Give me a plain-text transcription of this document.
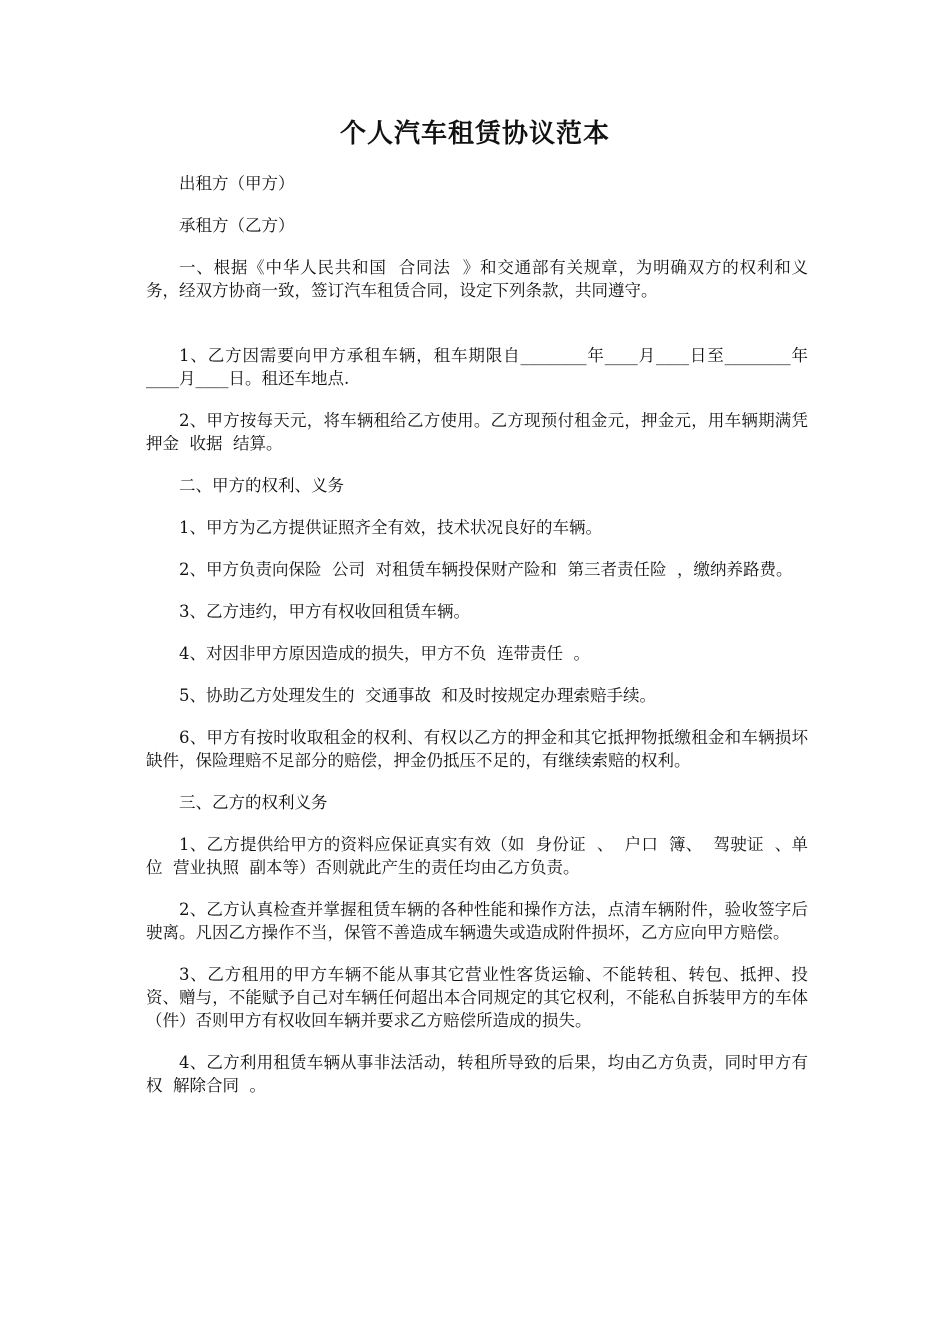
个人汽车租赁协议范本

出租方（甲方）

承租方（乙方）

一、根据《中华人民共和国  合同法  》和交通部有关规章，为明确双方的权利和义务，经双方协商一致，签订汽车租赁合同，设定下列条款，共同遵守。

1、乙方因需要向甲方承租车辆，租车期限自________年____月____日至________年____月____日。租还车地点.

2、甲方按每天元，将车辆租给乙方使用。乙方现预付租金元，押金元，用车辆期满凭押金  收据  结算。

二、甲方的权利、义务

1、甲方为乙方提供证照齐全有效，技术状况良好的车辆。

2、甲方负责向保险  公司  对租赁车辆投保财产险和  第三者责任险  ，缴纳养路费。

3、乙方违约，甲方有权收回租赁车辆。

4、对因非甲方原因造成的损失，甲方不负  连带责任  。

5、协助乙方处理发生的  交通事故  和及时按规定办理索赔手续。

6、甲方有按时收取租金的权利、有权以乙方的押金和其它抵押物抵缴租金和车辆损坏缺件，保险理赔不足部分的赔偿，押金仍抵压不足的，有继续索赔的权利。

三、乙方的权利义务

1、乙方提供给甲方的资料应保证真实有效（如  身份证  、  户口  簿、  驾驶证  、单位  营业执照  副本等）否则就此产生的责任均由乙方负责。

2、乙方认真检查并掌握租赁车辆的各种性能和操作方法，点清车辆附件，验收签字后驶离。凡因乙方操作不当，保管不善造成车辆遗失或造成附件损坏，乙方应向甲方赔偿。

3、乙方租用的甲方车辆不能从事其它营业性客货运输、不能转租、转包、抵押、投资、赠与，不能赋予自己对车辆任何超出本合同规定的其它权利，不能私自拆装甲方的车体（件）否则甲方有权收回车辆并要求乙方赔偿所造成的损失。

4、乙方利用租赁车辆从事非法活动，转租所导致的后果，均由乙方负责，同时甲方有权  解除合同  。
